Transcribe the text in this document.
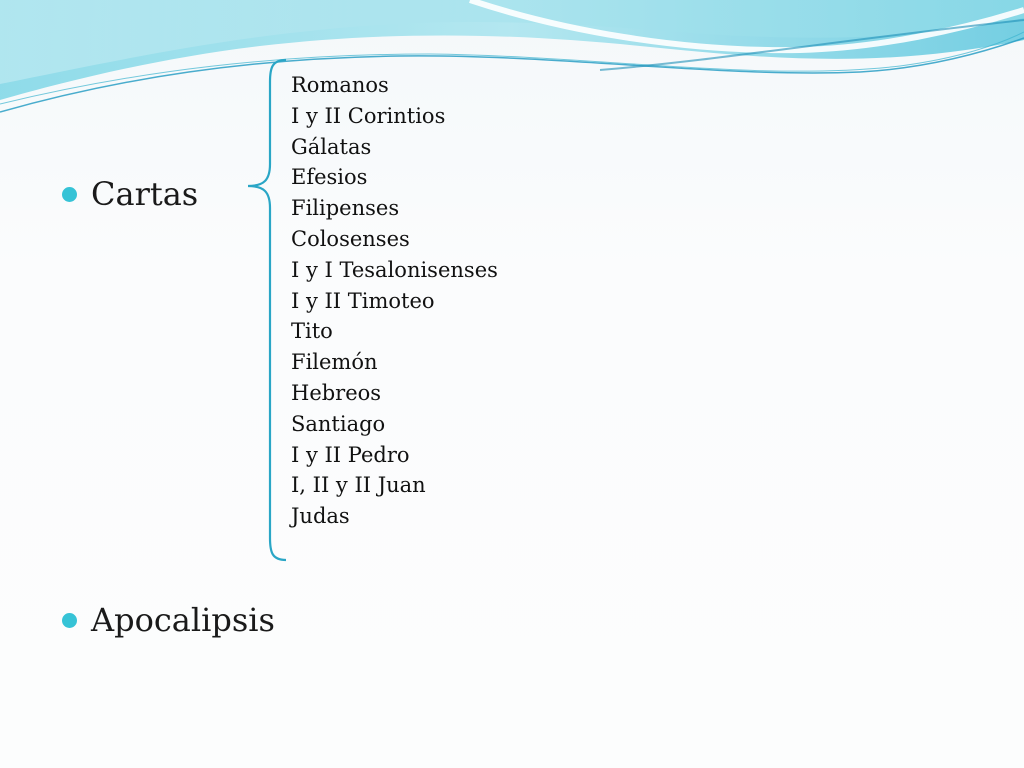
Cartas
Romanos
I y II Corintios
Gálatas
Efesios
Filipenses
Colosenses
I y I Tesalonisenses
I y II Timoteo
Tito
Filemón
Hebreos
Santiago
I y II Pedro
I, II y II Juan
Judas
Apocalipsis
